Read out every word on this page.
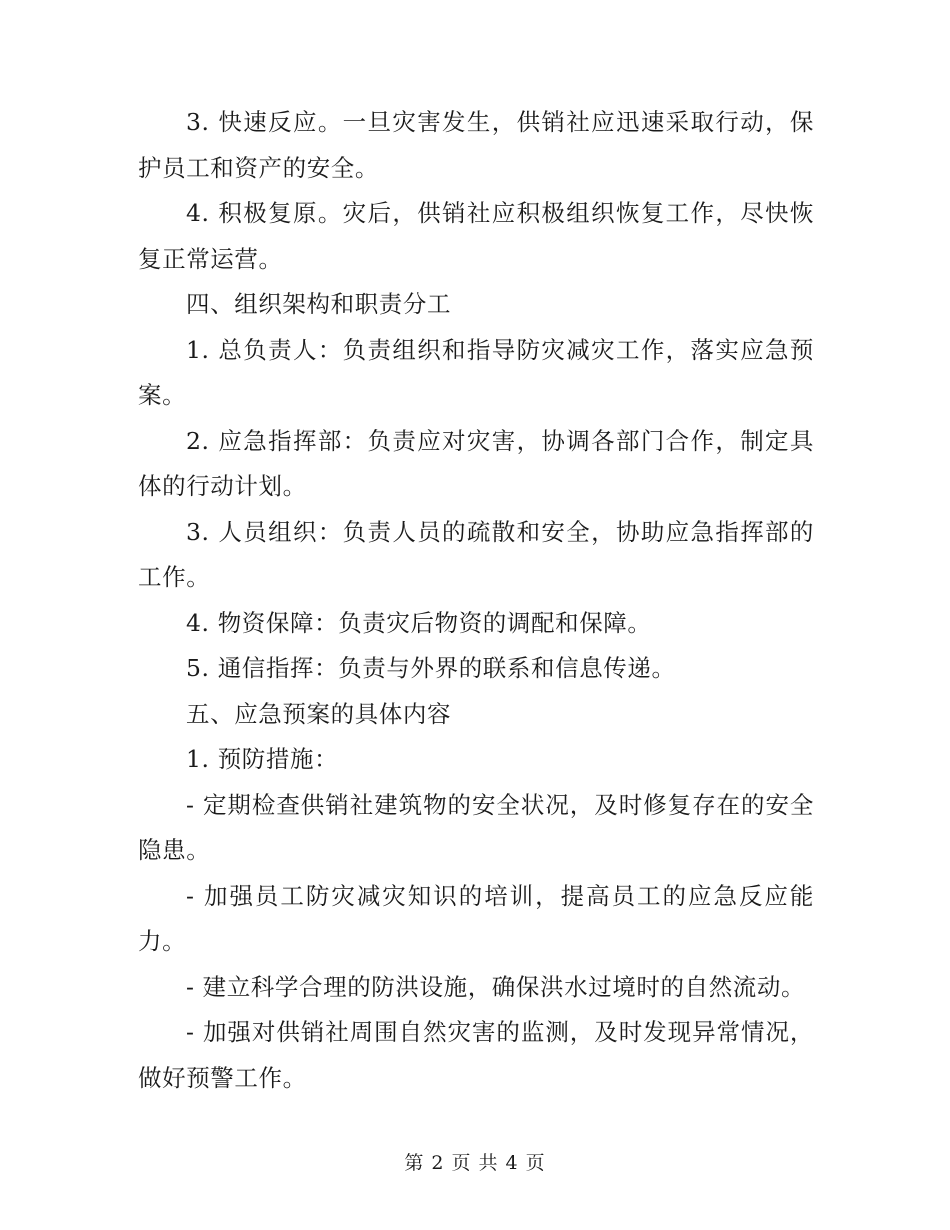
3. 快速反应。一旦灾害发生，供销社应迅速采取行动，保护员工和资产的安全。

4. 积极复原。灾后，供销社应积极组织恢复工作，尽快恢复正常运营。

四、组织架构和职责分工

1. 总负责人：负责组织和指导防灾减灾工作，落实应急预案。

2. 应急指挥部：负责应对灾害，协调各部门合作，制定具体的行动计划。

3. 人员组织：负责人员的疏散和安全，协助应急指挥部的工作。

4. 物资保障：负责灾后物资的调配和保障。

5. 通信指挥：负责与外界的联系和信息传递。

五、应急预案的具体内容

1. 预防措施：

- 定期检查供销社建筑物的安全状况，及时修复存在的安全隐患。

- 加强员工防灾减灾知识的培训，提高员工的应急反应能力。

- 建立科学合理的防洪设施，确保洪水过境时的自然流动。

- 加强对供销社周围自然灾害的监测，及时发现异常情况，做好预警工作。

第 2 页 共 4 页
